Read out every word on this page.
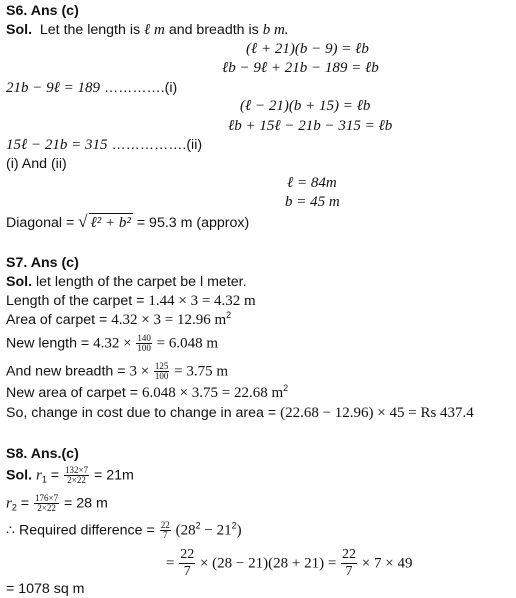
S6. Ans (c)
Sol. Let the length is ℓ m and breadth is b m.
(ℓ + 21)(b − 9) = ℓb
ℓb − 9ℓ + 21b − 189 = ℓb
21b − 9ℓ = 189 ………….(i)
(ℓ − 21)(b + 15) = ℓb
ℓb + 15ℓ − 21b − 315 = ℓb
15ℓ − 21b = 315 …………….(ii)
(i) And (ii)
ℓ = 84m
b = 45 m
Diagonal = √ ℓ² + b² = 95.3 m (approx)
S7. Ans (c)
Sol. let length of the carpet be l meter.
Length of the carpet = 1.44 × 3 = 4.32 m
Area of carpet = 4.32 × 3 = 12.96 $m^2$
New length = $4.32 \times \frac{140}{100} = 6.048$ m
And new breadth = $3 \times \frac{125}{100} = 3.75$ m
New area of carpet = 6.048 × 3.75 = 22.68 $m^2$
So, change in cost due to change in area = (22.68 − 12.96) × 45 = Rs 437.4
S8. Ans.(c)
Sol. $r_1 = \frac{132\times 7}{2\times 22} = 21m$
$r_2 = \frac{176\times 7}{2\times 22} = 28$ m
∴ Required difference = $\frac{22}{7} (28^2 - 21^2)$
= $\frac{22}{7} \times (28 - 21)(28 + 21) = \frac{22}{7} \times 7 \times 49$
= 1078 sq m
